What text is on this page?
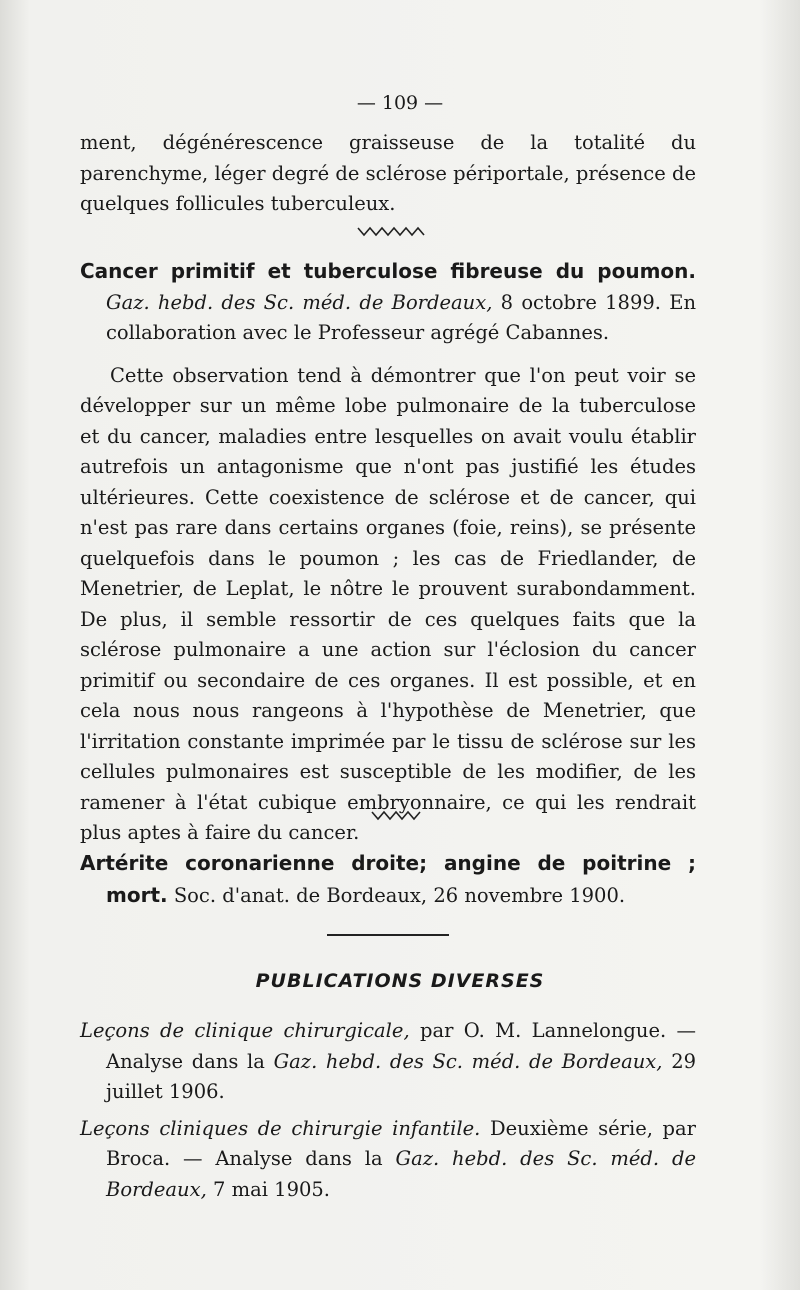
— 109 —

ment, dégénérescence graisseuse de la totalité du parenchyme, léger degré de sclérose périportale, présence de quelques follicules tuberculeux.

Cancer primitif et tuberculose fibreuse du poumon. Gaz. hebd. des Sc. méd. de Bordeaux, 8 octobre 1899. En collaboration avec le Professeur agrégé Cabannes.

Cette observation tend à démontrer que l'on peut voir se développer sur un même lobe pulmonaire de la tuberculose et du cancer, maladies entre lesquelles on avait voulu établir autrefois un antagonisme que n'ont pas justifié les études ultérieures. Cette coexistence de sclérose et de cancer, qui n'est pas rare dans certains organes (foie, reins), se présente quelquefois dans le poumon ; les cas de Friedlander, de Menetrier, de Leplat, le nôtre le prouvent surabondamment. De plus, il semble ressortir de ces quelques faits que la sclérose pulmonaire a une action sur l'éclosion du cancer primitif ou secondaire de ces organes. Il est possible, et en cela nous nous rangeons à l'hypothèse de Menetrier, que l'irritation constante imprimée par le tissu de sclérose sur les cellules pulmonaires est susceptible de les modifier, de les ramener à l'état cubique embryonnaire, ce qui les rendrait plus aptes à faire du cancer.

Artérite coronarienne droite; angine de poitrine ; mort. Soc. d'anat. de Bordeaux, 26 novembre 1900.

PUBLICATIONS DIVERSES

Leçons de clinique chirurgicale, par O. M. Lannelongue. — Analyse dans la Gaz. hebd. des Sc. méd. de Bordeaux, 29 juillet 1906.

Leçons cliniques de chirurgie infantile. Deuxième série, par Broca. — Analyse dans la Gaz. hebd. des Sc. méd. de Bordeaux, 7 mai 1905.
